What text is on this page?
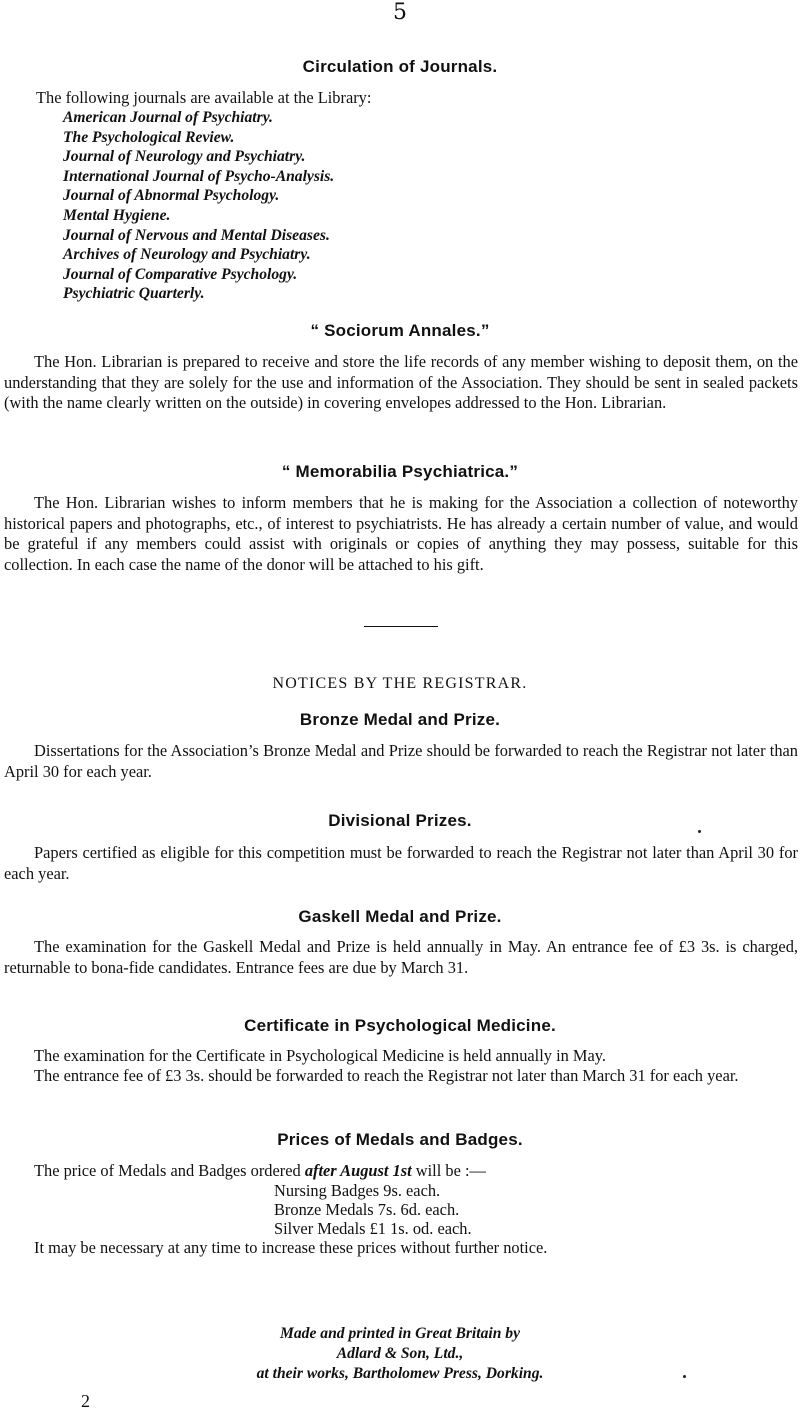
5
Circulation of Journals.
The following journals are available at the Library:
American Journal of Psychiatry.
The Psychological Review.
Journal of Neurology and Psychiatry.
International Journal of Psycho-Analysis.
Journal of Abnormal Psychology.
Mental Hygiene.
Journal of Nervous and Mental Diseases.
Archives of Neurology and Psychiatry.
Journal of Comparative Psychology.
Psychiatric Quarterly.
“ Sociorum Annales.”
The Hon. Librarian is prepared to receive and store the life records of any member wishing to deposit them, on the understanding that they are solely for the use and information of the Association. They should be sent in sealed packets (with the name clearly written on the outside) in covering envelopes addressed to the Hon. Librarian.
“ Memorabilia Psychiatrica.”
The Hon. Librarian wishes to inform members that he is making for the Association a collection of noteworthy historical papers and photographs, etc., of interest to psychiatrists. He has already a certain number of value, and would be grateful if any members could assist with originals or copies of anything they may possess, suitable for this collection. In each case the name of the donor will be attached to his gift.
NOTICES BY THE REGISTRAR.
Bronze Medal and Prize.
Dissertations for the Association’s Bronze Medal and Prize should be forwarded to reach the Registrar not later than April 30 for each year.
Divisional Prizes.
Papers certified as eligible for this competition must be forwarded to reach the Registrar not later than April 30 for each year.
Gaskell Medal and Prize.
The examination for the Gaskell Medal and Prize is held annually in May. An entrance fee of £3 3s. is charged, returnable to bona-fide candidates. Entrance fees are due by March 31.
Certificate in Psychological Medicine.
The examination for the Certificate in Psychological Medicine is held annually in May.
The entrance fee of £3 3s. should be forwarded to reach the Registrar not later than March 31 for each year.
Prices of Medals and Badges.
The price of Medals and Badges ordered after August 1st will be :—
Nursing Badges 9s. each.
Bronze Medals 7s. 6d. each.
Silver Medals £1 1s. od. each.
It may be necessary at any time to increase these prices without further notice.
Made and printed in Great Britain by
Adlard & Son, Ltd.,
at their works, Bartholomew Press, Dorking.
2
